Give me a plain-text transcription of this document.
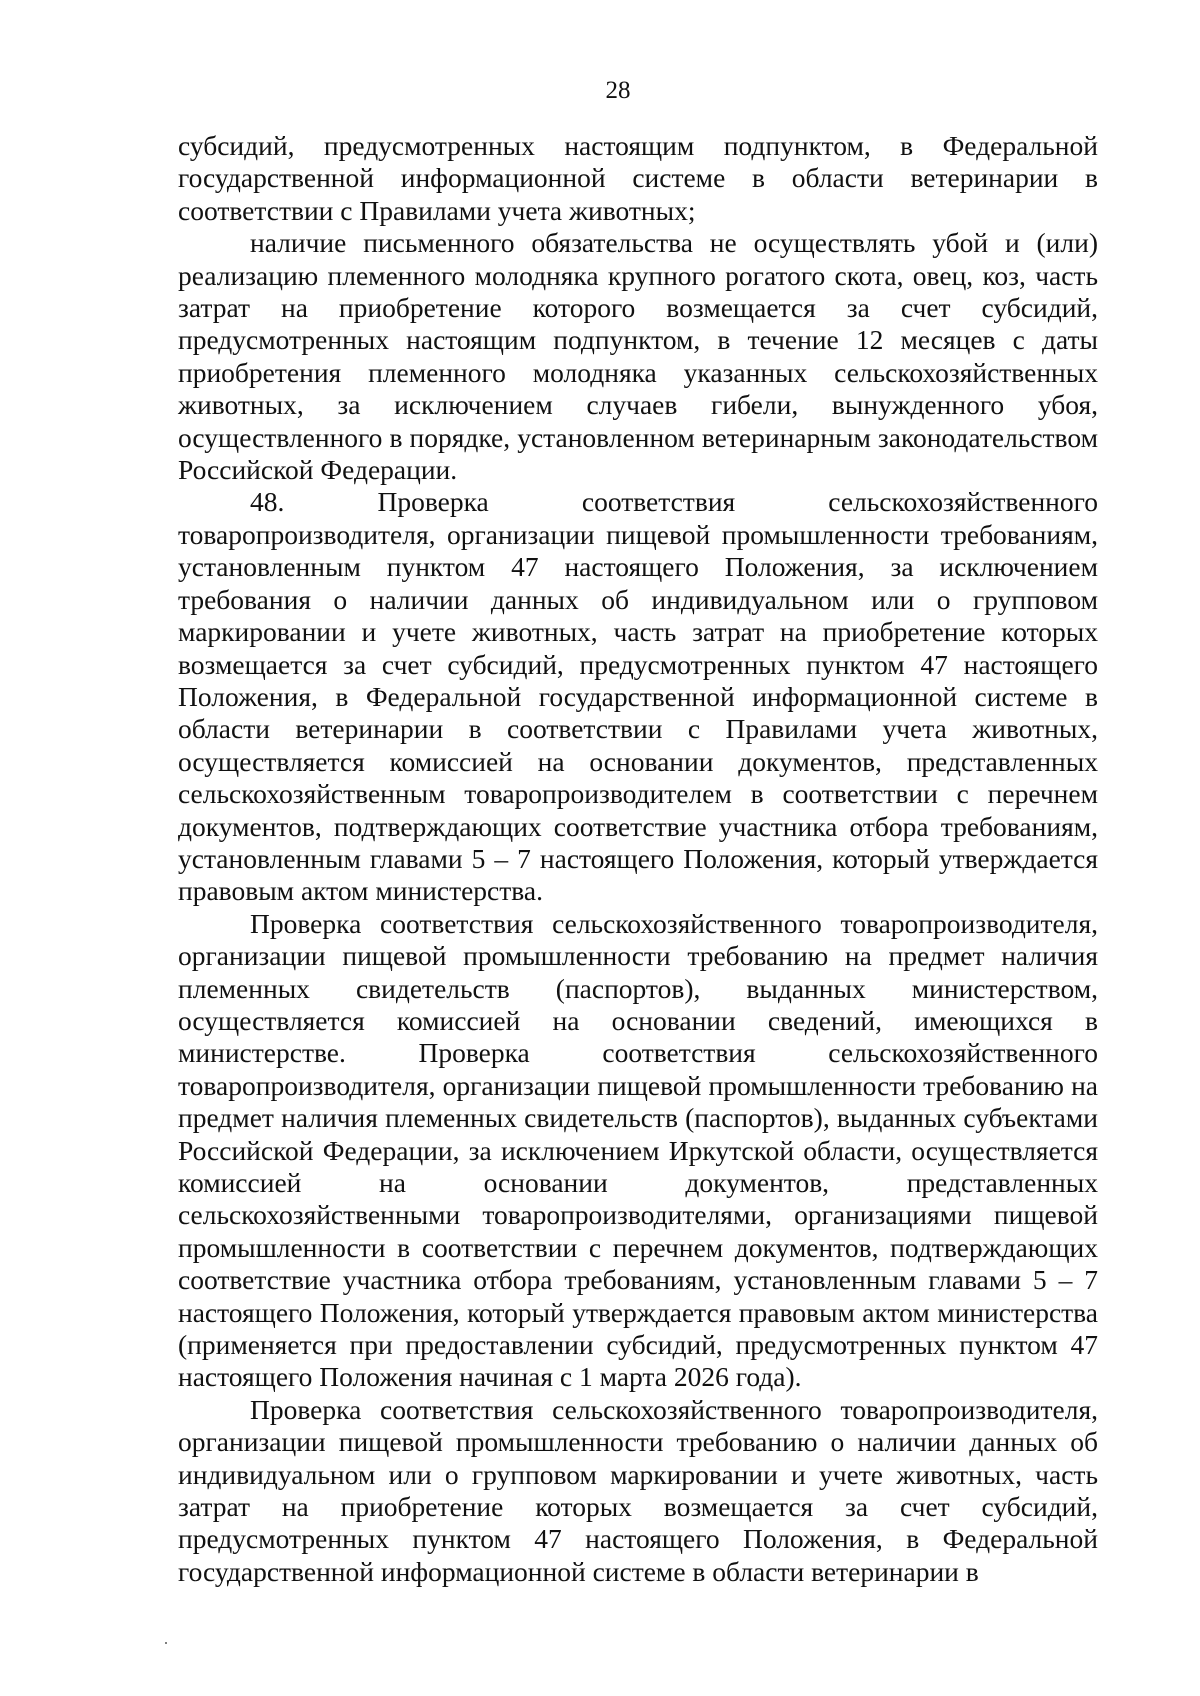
28

субсидий, предусмотренных настоящим подпунктом, в Федеральной государственной информационной системе в области ветеринарии в соответствии с Правилами учета животных;

наличие письменного обязательства не осуществлять убой и (или) реализацию племенного молодняка крупного рогатого скота, овец, коз, часть затрат на приобретение которого возмещается за счет субсидий, предусмотренных настоящим подпунктом, в течение 12 месяцев с даты приобретения племенного молодняка указанных сельскохозяйственных животных, за исключением случаев гибели, вынужденного убоя, осуществленного в порядке, установленном ветеринарным законодательством Российской Федерации.

48. Проверка соответствия сельскохозяйственного

товаропроизводителя, организации пищевой промышленности требованиям, установленным пунктом 47 настоящего Положения, за исключением требования о наличии данных об индивидуальном или о групповом маркировании и учете животных, часть затрат на приобретение которых возмещается за счет субсидий, предусмотренных пунктом 47 настоящего Положения, в Федеральной государственной информационной системе в области ветеринарии в соответствии с Правилами учета животных, осуществляется комиссией на основании документов, представленных сельскохозяйственным товаропроизводителем в соответствии с перечнем документов, подтверждающих соответствие участника отбора требованиям, установленным главами 5 – 7 настоящего Положения, который утверждается правовым актом министерства.

Проверка соответствия сельскохозяйственного товаропроизводителя, организации пищевой промышленности требованию на предмет наличия племенных свидетельств (паспортов), выданных министерством, осуществляется комиссией на основании сведений, имеющихся в министерстве. Проверка соответствия сельскохозяйственного товаропроизводителя, организации пищевой промышленности требованию на предмет наличия племенных свидетельств (паспортов), выданных субъектами Российской Федерации, за исключением Иркутской области, осуществляется комиссией на основании документов, представленных сельскохозяйственными товаропроизводителями, организациями пищевой промышленности в соответствии с перечнем документов, подтверждающих соответствие участника отбора требованиям, установленным главами 5 – 7 настоящего Положения, который утверждается правовым актом министерства (применяется при предоставлении субсидий, предусмотренных пунктом 47 настоящего Положения начиная с 1 марта 2026 года).

Проверка соответствия сельскохозяйственного товаропроизводителя, организации пищевой промышленности требованию о наличии данных об индивидуальном или о групповом маркировании и учете животных, часть затрат на приобретение которых возмещается за счет субсидий, предусмотренных пунктом 47 настоящего Положения, в Федеральной государственной информационной системе в области ветеринарии в
